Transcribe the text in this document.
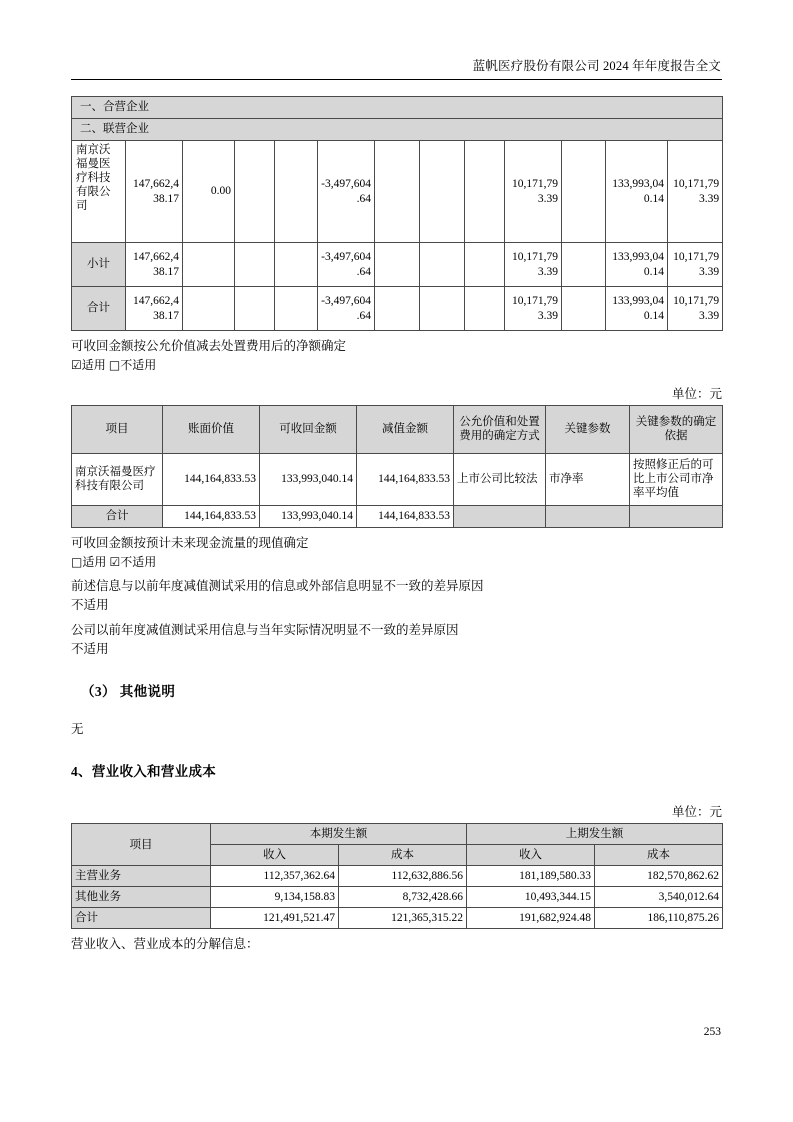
蓝帆医疗股份有限公司 2024 年年度报告全文
一、合营企业												
二、联营企业												
南京沃福曼医疗科技有限公司	147,662,438.17	0.00			-3,497,604.64				10,171,793.39		133,993,040.14	10,171,793.39
小计	147,662,438.17				-3,497,604.64				10,171,793.39		133,993,040.14	10,171,793.39
合计	147,662,438.17				-3,497,604.64				10,171,793.39		133,993,040.14	10,171,793.39

可收回金额按公允价值减去处置费用后的净额确定

☑适用 □不适用

单位：元

项目	账面价值	可收回金额	减值金额	公允价值和处置费用的确定方式	关键参数	关键参数的确定依据
南京沃福曼医疗科技有限公司	144,164,833.53	133,993,040.14	144,164,833.53	上市公司比较法	市净率	按照修正后的可比上市公司市净率平均值
合计	144,164,833.53	133,993,040.14	144,164,833.53			

可收回金额按预计未来现金流量的现值确定

□适用 ☑不适用

前述信息与以前年度减值测试采用的信息或外部信息明显不一致的差异原因

不适用

公司以前年度减值测试采用信息与当年实际情况明显不一致的差异原因

不适用

（3） 其他说明

无

4、营业收入和营业成本

单位：元

项目	本期发生额		上期发生额	
	收入	成本	收入	成本
主营业务	112,357,362.64	112,632,886.56	181,189,580.33	182,570,862.62
其他业务	9,134,158.83	8,732,428.66	10,493,344.15	3,540,012.64
合计	121,491,521.47	121,365,315.22	191,682,924.48	186,110,875.26

营业收入、营业成本的分解信息：

253
